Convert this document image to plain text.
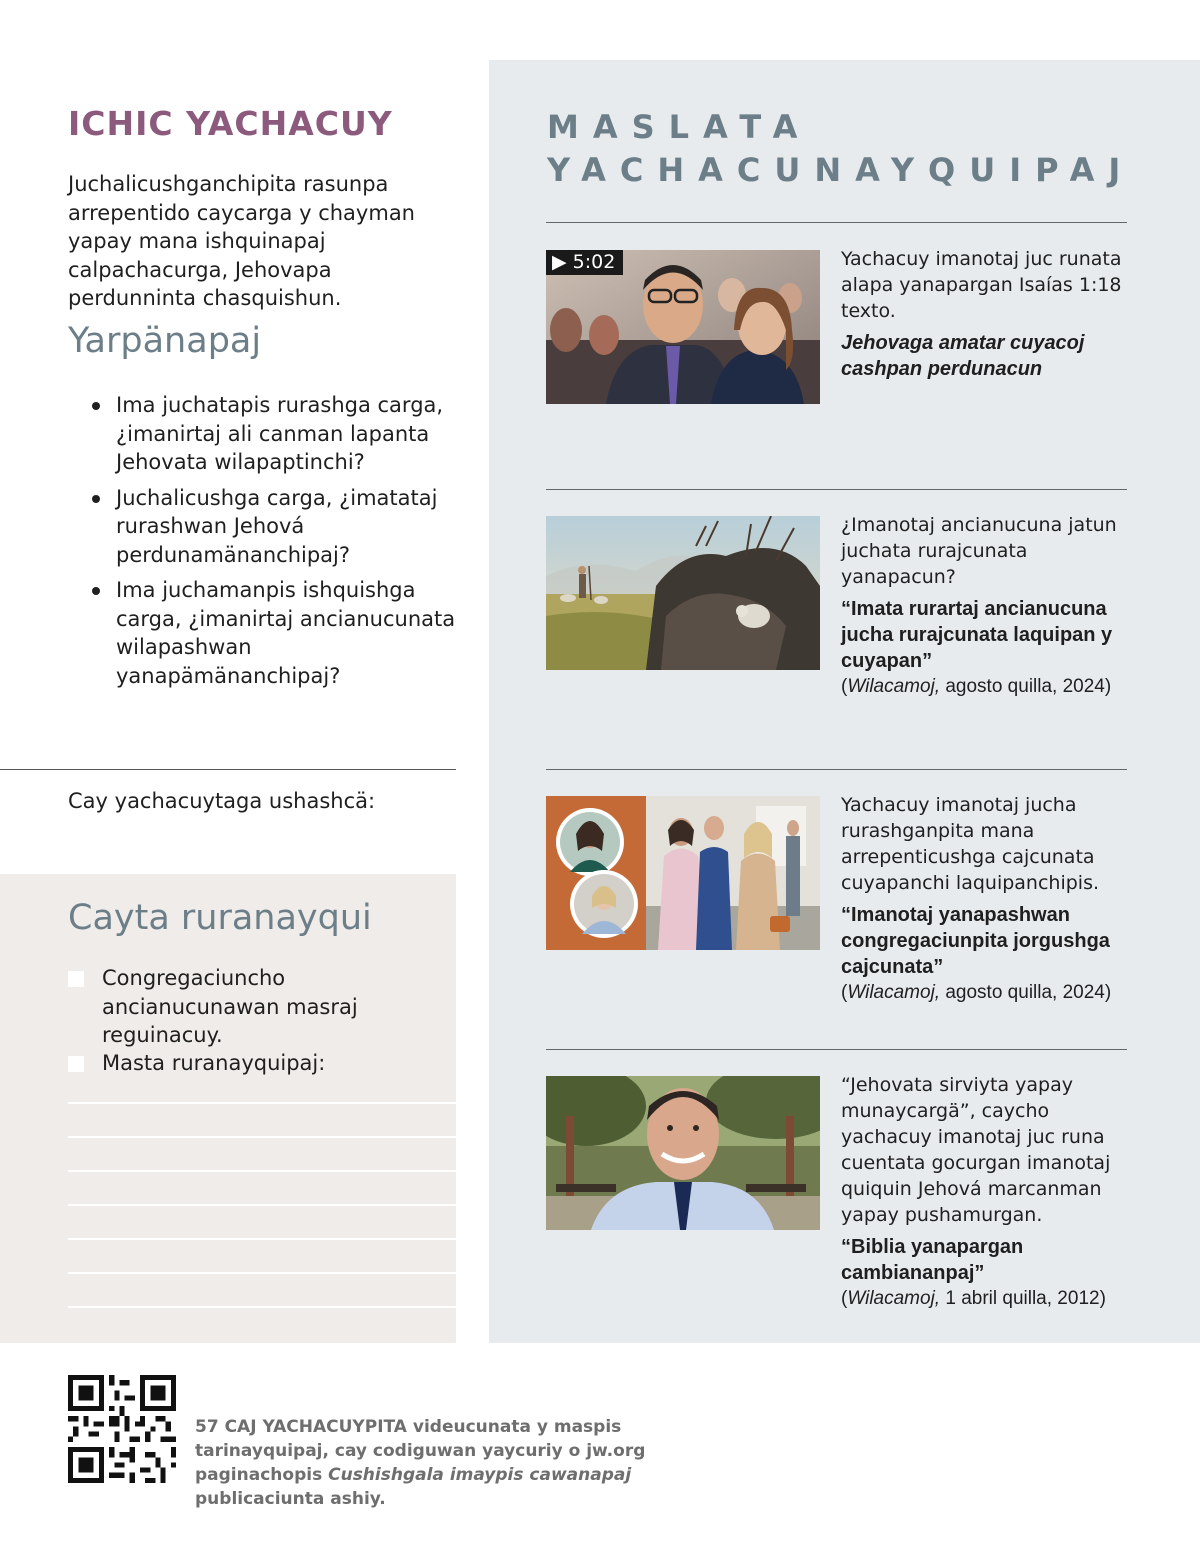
ICHIC YACHACUY

Juchalicushganchipita rasunpa arrepentido caycarga y chayman yapay mana ishquinapaj calpachacurga, Jehovapa perdunninta chasquishun.

Yarpänapaj
Ima juchatapis rurashga carga, ¿imanirtaj ali canman lapanta Jehovata wilapaptinchi?
Juchalicushga carga, ¿imatataj rurashwan Jehová perdunamänanchipaj?
Ima juchamanpis ishquishga carga, ¿imanirtaj ancianucunata wilapashwan yanapämänanchipaj?
Cay yachacuytaga ushashcä:
Cayta ruranayqui
Congregaciuncho ancianucunawan masraj reguinacuy.
Masta ruranayquipaj:
MASLATA
YACHACUNAYQUIPAJ
▶ 5:02	Yachacuy imanotaj juc runata alapa yanapargan Isaías 1:18 texto.

Jehovaga amatar cuyacoj cashpan perdunacun

¿Imanotaj ancianucuna jatun juchata rurajcunata yanapacun?

“Imata rurartaj ancianucuna jucha rurajcunata laquipan y cuyapan”

(Wilacamoj, agosto quilla, 2024)

Yachacuy imanotaj jucha rurashganpita mana arrepenticushga cajcunata cuyapanchi laquipanchipis.

“Imanotaj yanapashwan congregaciunpita jorgushga cajcunata”

(Wilacamoj, agosto quilla, 2024)

“Jehovata sirviyta yapay munaycargä”, caycho yachacuy imanotaj juc runa cuentata gocurgan imanotaj quiquin Jehová marcanman yapay pushamurgan.

“Biblia yanapargan cambiananpaj”

(Wilacamoj, 1 abril quilla, 2012)

57 CAJ YACHACUYPITA videucunata y maspis tarinayquipaj, cay codiguwan yaycuriy o jw.org paginachopis Cushishgala imaypis cawanapaj publicaciunta ashiy.
